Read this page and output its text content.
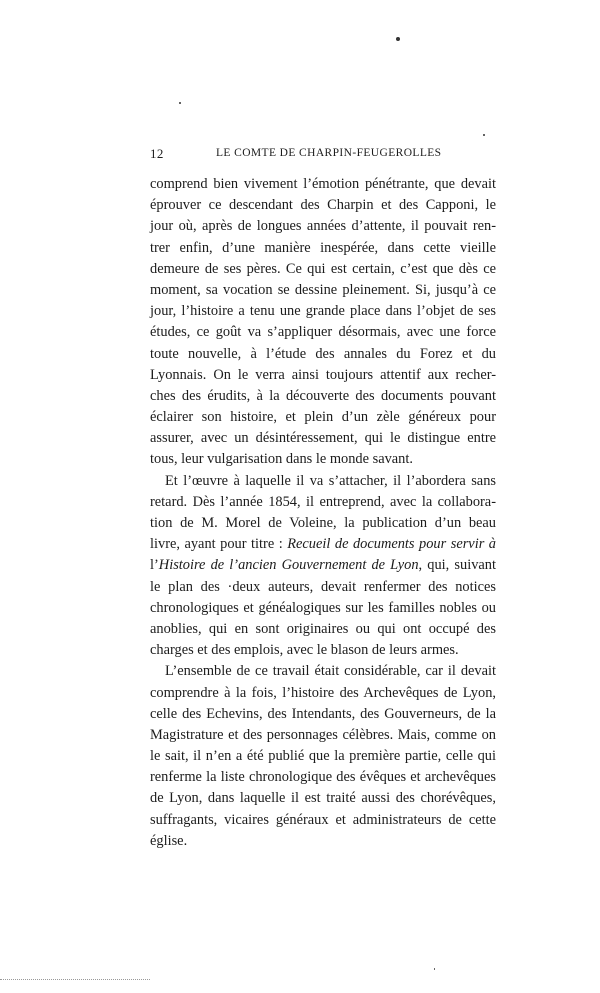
12	LE COMTE DE CHARPIN-FEUGEROLLES
comprend bien vivement l’émotion pénétrante, que devait
éprouver ce descendant des Charpin et des Capponi, le
jour où, après de longues années d’attente, il pouvait ren-
trer enfin, d’une manière inespérée, dans cette vieille
demeure de ses pères. Ce qui est certain, c’est que dès ce
moment, sa vocation se dessine pleinement. Si, jusqu’à ce
jour, l’histoire a tenu une grande place dans l’objet de ses
études, ce goût va s’appliquer désormais, avec une force
toute nouvelle, à l’étude des annales du Forez et du
Lyonnais. On le verra ainsi toujours attentif aux recher-
ches des érudits, à la découverte des documents pouvant
éclairer son histoire, et plein d’un zèle généreux pour
assurer, avec un désintéressement, qui le distingue entre
tous, leur vulgarisation dans le monde savant.
Et l’œuvre à laquelle il va s’attacher, il l’abordera sans
retard. Dès l’année 1854, il entreprend, avec la collabora-
tion de M. Morel de Voleine, la publication d’un beau
livre, ayant pour titre : Recueil de documents pour servir à
l’Histoire de l’ancien Gouvernement de Lyon, qui, suivant
le plan des ·deux auteurs, devait renfermer des notices
chronologiques et généalogiques sur les familles nobles ou
anoblies, qui en sont originaires ou qui ont occupé des
charges et des emplois, avec le blason de leurs armes.
L’ensemble de ce travail était considérable, car il devait
comprendre à la fois, l’histoire des Archevêques de Lyon,
celle des Echevins, des Intendants, des Gouverneurs, de la
Magistrature et des personnages célèbres. Mais, comme on
le sait, il n’en a été publié que la première partie, celle qui
renferme la liste chronologique des évêques et archevêques
de Lyon, dans laquelle il est traité aussi des chorévêques,
suffragants, vicaires généraux et administrateurs de cette
église.
